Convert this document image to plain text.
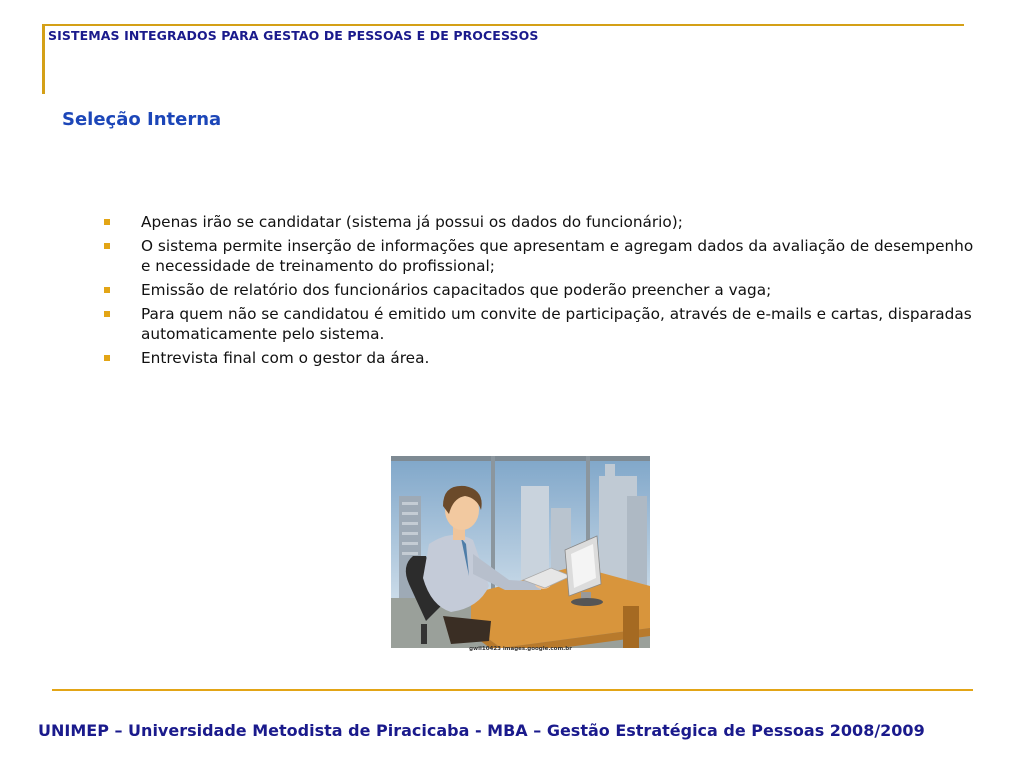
SISTEMAS INTEGRADOS PARA GESTAO DE PESSOAS E DE PROCESSOS
Seleção Interna
Apenas irão se candidatar (sistema já possui os dados do funcionário);
O sistema permite inserção de informações que apresentam e agregam dados da avaliação de desempenho e necessidade de treinamento do profissional;
Emissão de relatório dos funcionários capacitados que poderão preencher a vaga;
Para quem não se candidatou é emitido um convite de participação, através de e-mails e cartas, disparadas automaticamente pelo sistema.
Entrevista final com o gestor da área.
gwil10423 images.google.com.br
UNIMEP – Universidade Metodista de Piracicaba - MBA – Gestão Estratégica de Pessoas 2008/2009
